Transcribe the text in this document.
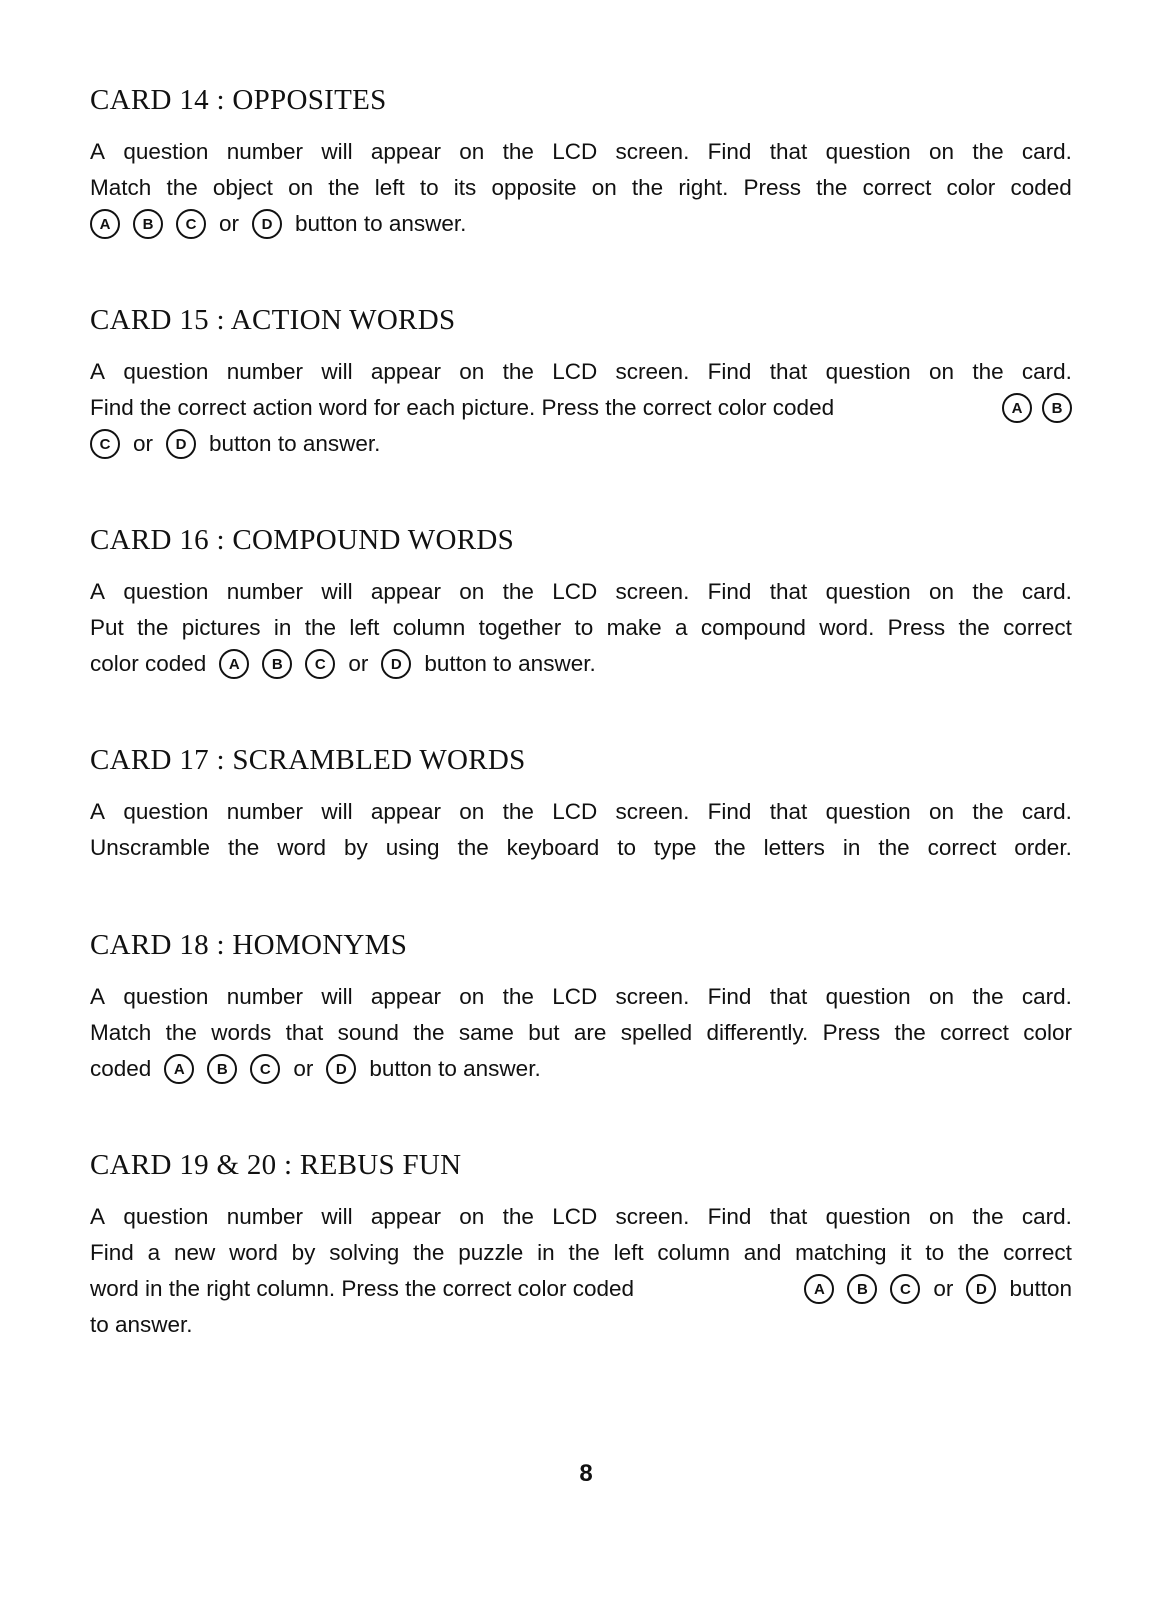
CARD 14 : OPPOSITES
A question number will appear on the LCD screen. Find that question on the card.
Match the object on the left to its opposite on the right. Press the correct color coded
A	B	C	or	D	button to answer.
CARD 15 : ACTION WORDS
A question number will appear on the LCD screen. Find that question on the card.
Find the correct action word for each picture. Press the correct color coded	A	B
C	or	D	button to answer.
CARD 16 : COMPOUND WORDS
A question number will appear on the LCD screen. Find that question on the card.
Put the pictures in the left column together to make a compound word. Press the correct
color coded	A	B	C	or	D	button to answer.
CARD 17 : SCRAMBLED WORDS
A question number will appear on the LCD screen. Find that question on the card.
Unscramble the word by using the keyboard to type the letters in the correct order.
CARD 18 : HOMONYMS
A question number will appear on the LCD screen. Find that question on the card.
Match the words that sound the same but are spelled differently. Press the correct color
coded	A	B	C	or	D	button to answer.
CARD 19 & 20 : REBUS FUN
A question number will appear on the LCD screen. Find that question on the card.
Find a new word by solving the puzzle in the left column and matching it to the correct
word in the right column. Press the correct color coded	A	B	C	or	D	button
to answer.
8
